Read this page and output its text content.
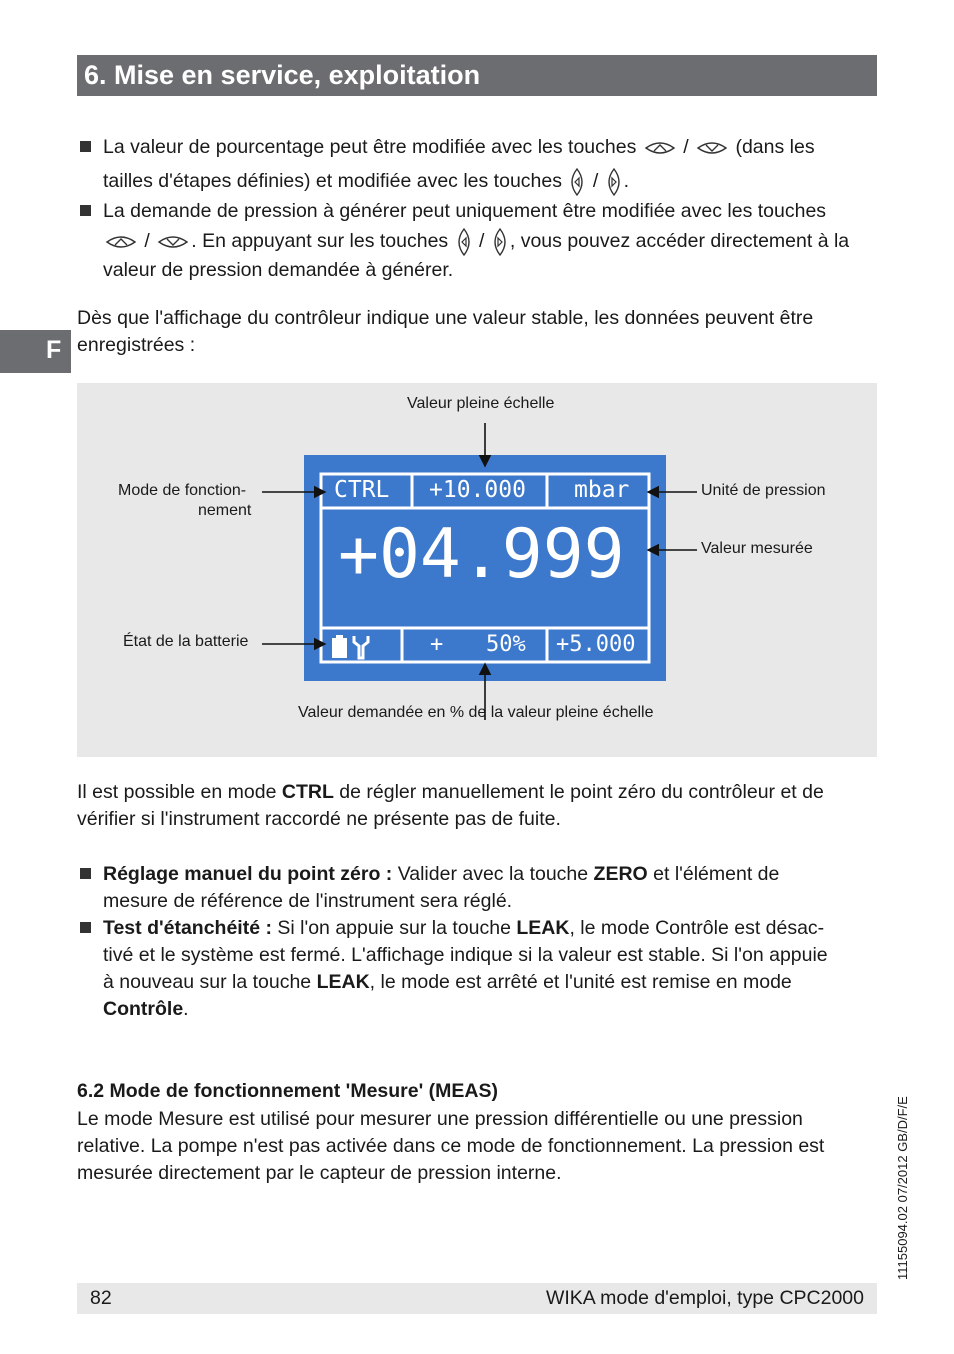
6. Mise en service, exploitation
F
La valeur de pourcentage peut être modifiée avec les touches / (dans les
tailles d'étapes définies) et modifiée avec les touches / .
La demande de pression à générer peut uniquement être modifiée avec les touches
/ . En appuyant sur les touches / , vous pouvez accéder directement à la
valeur de pression demandée à générer.
Dès que l'affichage du contrôleur indique une valeur stable, les données peuvent être
enregistrées :
Valeur pleine échelle
Mode de fonction-
nement
Unité de pression
Valeur mesurée
État de la batterie
Valeur demandée en % de la valeur pleine échelle
CTRL +10.000 mbar
+04.999
+ 50% +5.000
Il est possible en mode CTRL de régler manuellement le point zéro du contrôleur et de
vérifier si l'instrument raccordé ne présente pas de fuite.
Réglage manuel du point zéro : Valider avec la touche ZERO et l'élément de
mesure de référence de l'instrument sera réglé.
Test d'étanchéité : Si l'on appuie sur la touche LEAK, le mode Contrôle est désac-
tivé et le système est fermé. L'affichage indique si la valeur est stable. Si l'on appuie
à nouveau sur la touche LEAK, le mode est arrêté et l'unité est remise en mode
Contrôle.
6.2 Mode de fonctionnement 'Mesure' (MEAS)
Le mode Mesure est utilisé pour mesurer une pression différentielle ou une pression
relative. La pompe n'est pas activée dans ce mode de fonctionnement. La pression est
mesurée directement par le capteur de pression interne.	11155094.02 07/2012 GB/D/F/E
82	WIKA mode d'emploi, type CPC2000
